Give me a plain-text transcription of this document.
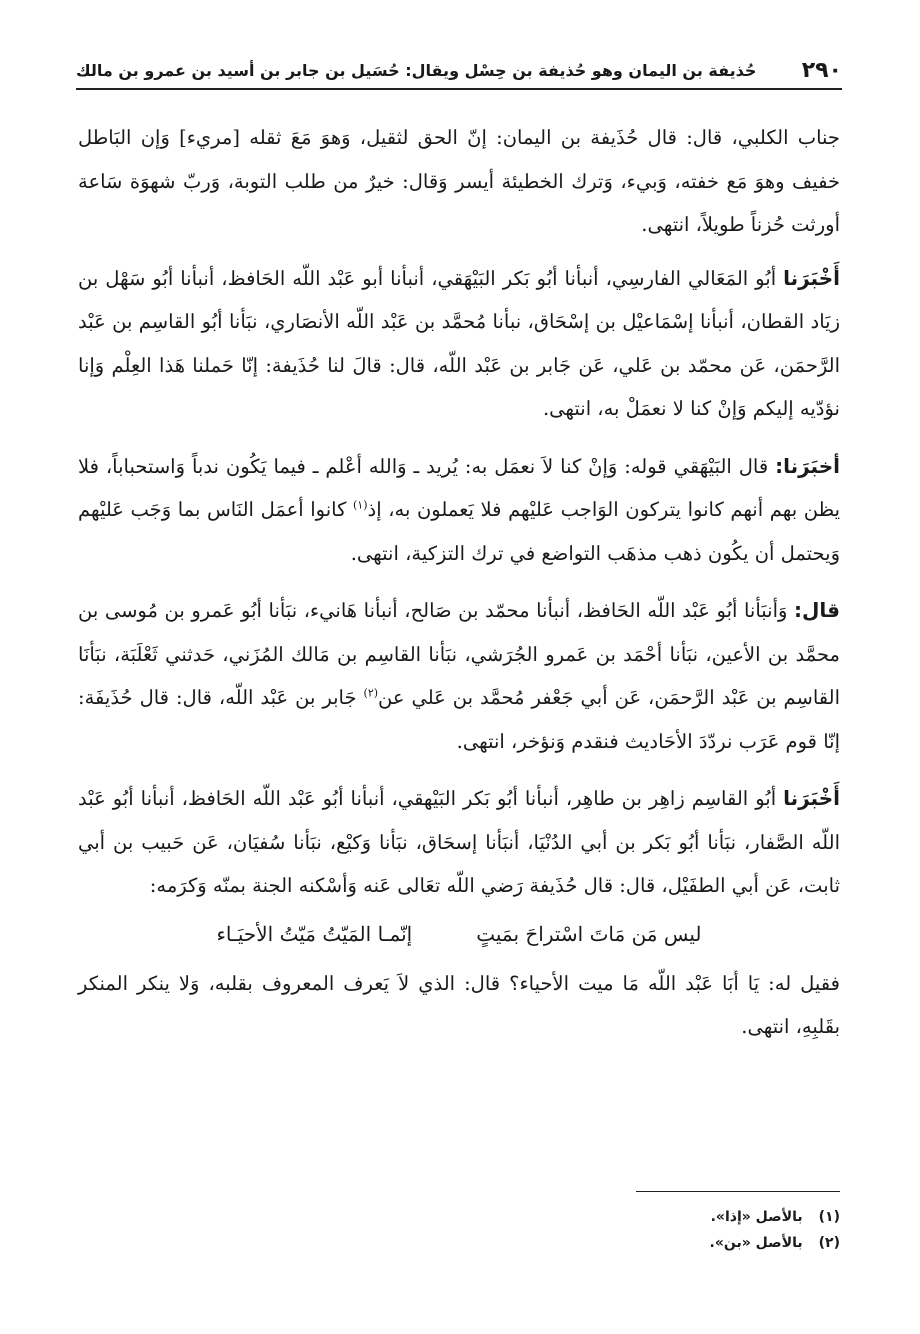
٢٩٠
حُذيفة بن اليمان وهو حُذيفة بن حِسْل ويقال: حُسَيل بن جابر بن أسيد بن عمرو بن مالك

جناب الكلبي، قال: قال حُذَيفة بن اليمان: إنّ الحق لثقيل، وَهوَ مَعَ ثقله [مريء] وَإن البَاطل خفيف وهوَ مَع خفته، وَبيء، وَترك الخطيئة أيسر وَقال: خيرٌ من طلب التوبة، وَربّ شهوَة سَاعة أورثت حُزناً طويلاً، انتهى.

أَخْبَرَنا أبُو المَعَالي الفارسِي، أنبأنا أبُو بَكر البَيْهَقي، أنبأنا أبو عَبْد اللّه الحَافظ، أنبأنا أبُو سَهْل بن زيَاد القطان، أنبأنا إسْمَاعيْل بن إسْحَاق، نبأنا مُحمَّد بن عَبْد اللّه الأنصَاري، نبَأنا أبُو القاسِم بن عَبْد الرَّحمَن، عَن محمّد بن عَلي، عَن جَابر بن عَبْد اللّه، قال: قالَ لنا حُذَيفة: إنّا حَملنا هَذا العِلْم وَإنا نؤدّيه إليكم وَإنْ كنا لا نعمَلْ به، انتهى.

أخبَرَنا: قال البَيْهَقي قوله: وَإنْ كنا لاَ نعمَل به: يُريد ـ وَالله أعْلم ـ فيما يَكُون ندباً وَاستحباباً، فلا يظن بهم أنهم كانوا يتركون الوَاجب عَليْهم فلا يَعملون به، إذ$^{(١)}$ كانوا أعمَل النَاس بما وَجَب عَليْهم وَيحتمل أن يكُون ذهب مذهَب التواضع في ترك التزكية، انتهى.

قال: وَأنبَأنا أبُو عَبْد اللّه الحَافظ، أنبأنا محمّد بن صَالح، أنبأنا هَانيء، نبَأنا أبُو عَمرو بن مُوسى بن محمَّد بن الأعين، نبَأنا أحْمَد بن عَمرو الجُرَشي، نبَأنا القاسِم بن مَالك المُزَني، حَدثني ثَعْلَبَة، نبَأنَا القاسِم بن عَبْد الرَّحمَن، عَن أبي جَعْفر مُحمَّد بن عَلي عن$^{(٢)}$ جَابر بن عَبْد اللّه، قال: قال حُذَيفَة: إنّا قوم عَرَب نردّدَ الأحَاديث فنقدم وَنؤخر، انتهى.

أَخْبَرَنا أبُو القاسِم زاهِر بن طاهِر، أنبأنا أبُو بَكر البَيْهقي، أنبأنا أبُو عَبْد اللّه الحَافظ، أنبأنا أبُو عَبْد اللّه الصَّفار، نبَأنا أبُو بَكر بن أبي الدُنْيَا، أنبَأنا إسحَاق، نبَأنا وَكيْع، نبَأنا سُفيَان، عَن حَبيب بن أبي ثابت، عَن أبي الطفَيْل، قال: قال حُذَيفة رَضي اللّه تعَالى عَنه وَأسْكنه الجنة بمنّه وَكرَمه:

ليس مَن مَاتَ اسْتراحَ بمَيتٍ
إنّمـا المَيّتُ مَيّتُ الأحيَـاء

فقيل له: يَا أبَا عَبْد اللّه مَا ميت الأحياء؟ قال: الذي لاَ يَعرف المعروف بقلبه، وَلا ينكر المنكر بقَلبِهِ، انتهى.

(١)
بالأصل «إذا».
(٢)
بالأصل «بن».
